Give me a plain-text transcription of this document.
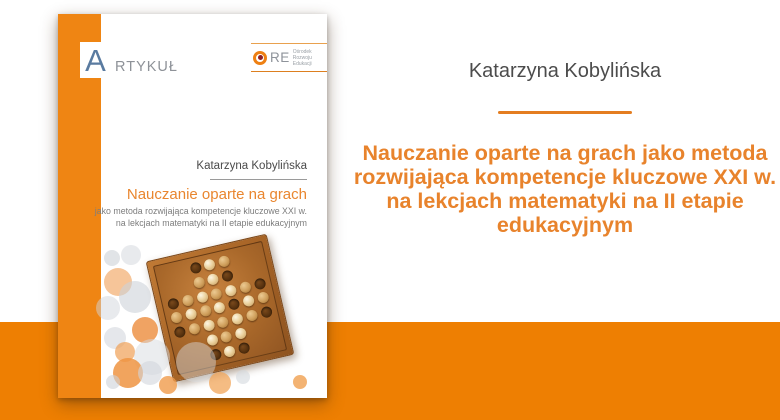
A RTYKUŁ
RE Ośrodek
Rozwoju
Edukacji
Katarzyna Kobylińska
Nauczanie oparte na grach
jako metoda rozwijająca kompetencje kluczowe XXI w.
na lekcjach matematyki na II etapie edukacyjnym
Katarzyna Kobylińska
Nauczanie oparte na grach jako metoda
rozwijająca kompetencje kluczowe XXI w.
na lekcjach matematyki na II etapie
edukacyjnym
